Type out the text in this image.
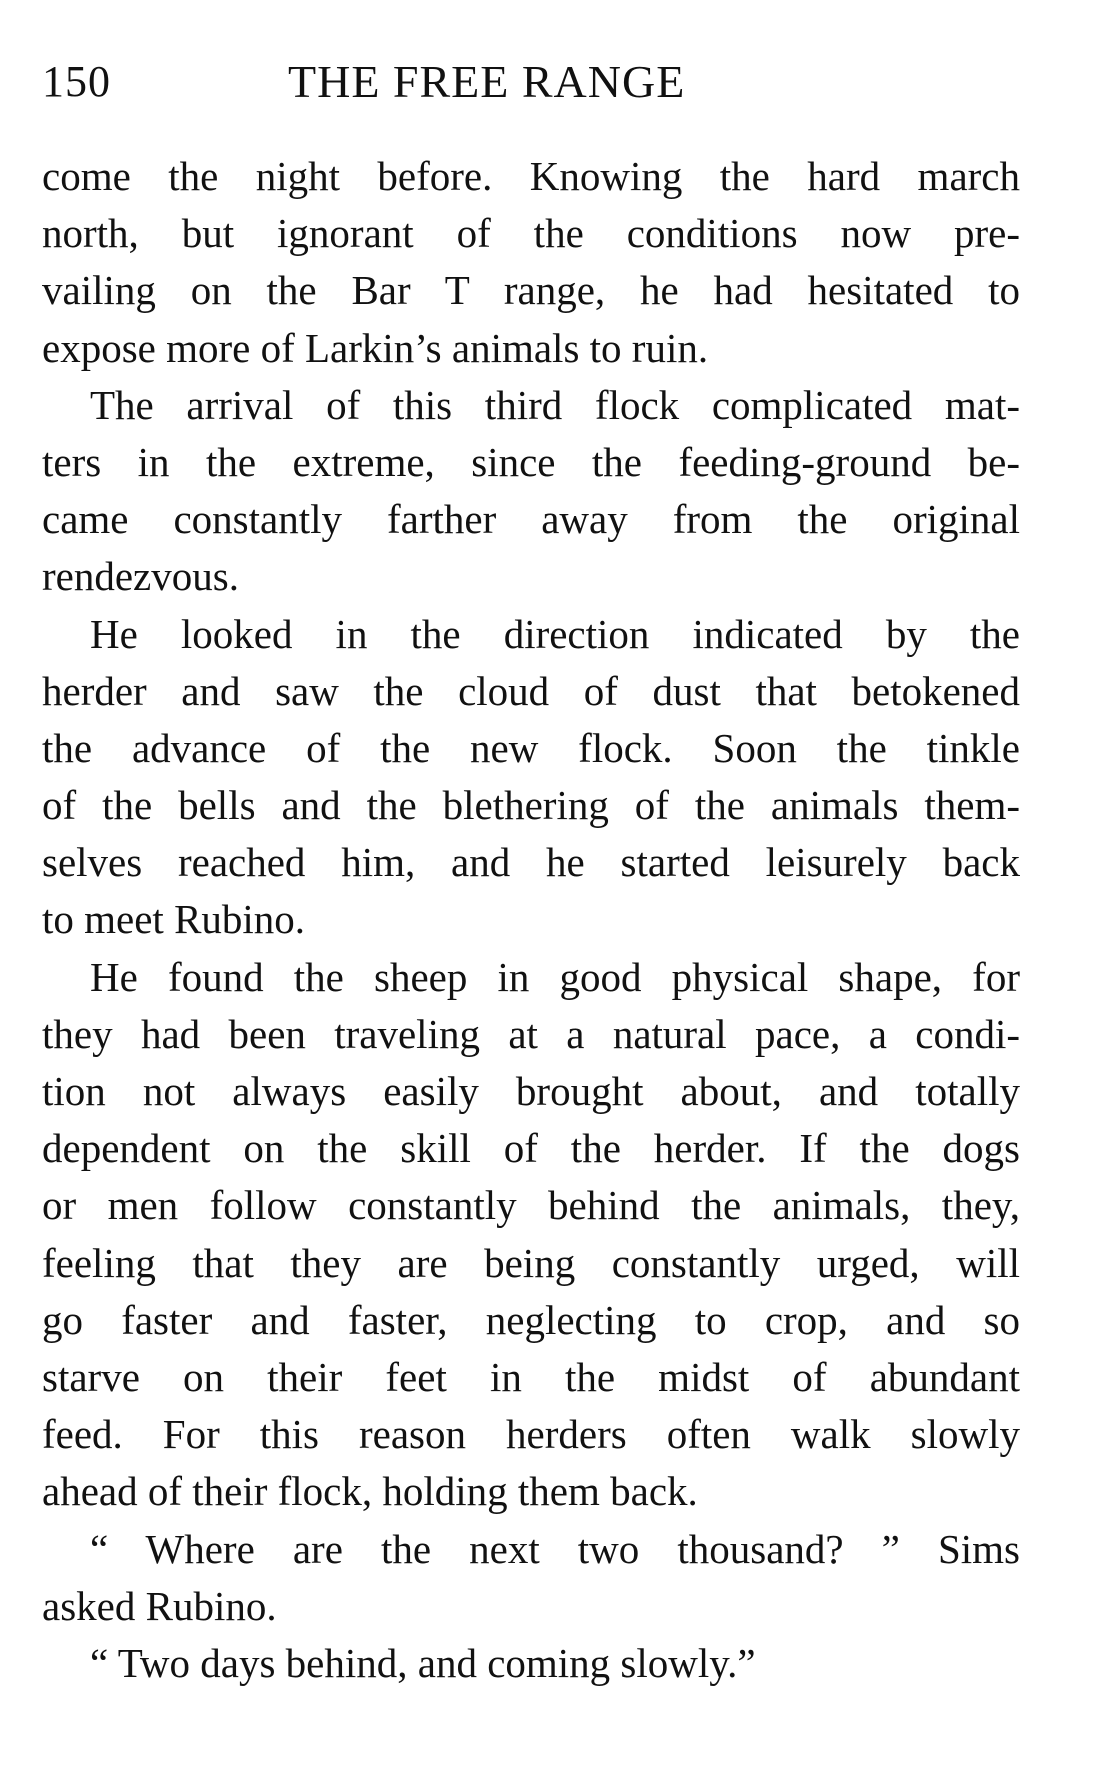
150	THE FREE RANGE
come the night before. Knowing the hard march
north, but ignorant of the conditions now pre-
vailing on the Bar T range, he had hesitated to
expose more of Larkin’s animals to ruin.
The arrival of this third flock complicated mat-
ters in the extreme, since the feeding-ground be-
came constantly farther away from the original
rendezvous.
He looked in the direction indicated by the
herder and saw the cloud of dust that betokened
the advance of the new flock. Soon the tinkle
of the bells and the blethering of the animals them-
selves reached him, and he started leisurely back
to meet Rubino.
He found the sheep in good physical shape, for
they had been traveling at a natural pace, a condi-
tion not always easily brought about, and totally
dependent on the skill of the herder. If the dogs
or men follow constantly behind the animals, they,
feeling that they are being constantly urged, will
go faster and faster, neglecting to crop, and so
starve on their feet in the midst of abundant
feed. For this reason herders often walk slowly
ahead of their flock, holding them back.
“ Where are the next two thousand? ” Sims
asked Rubino.
“ Two days behind, and coming slowly.”
